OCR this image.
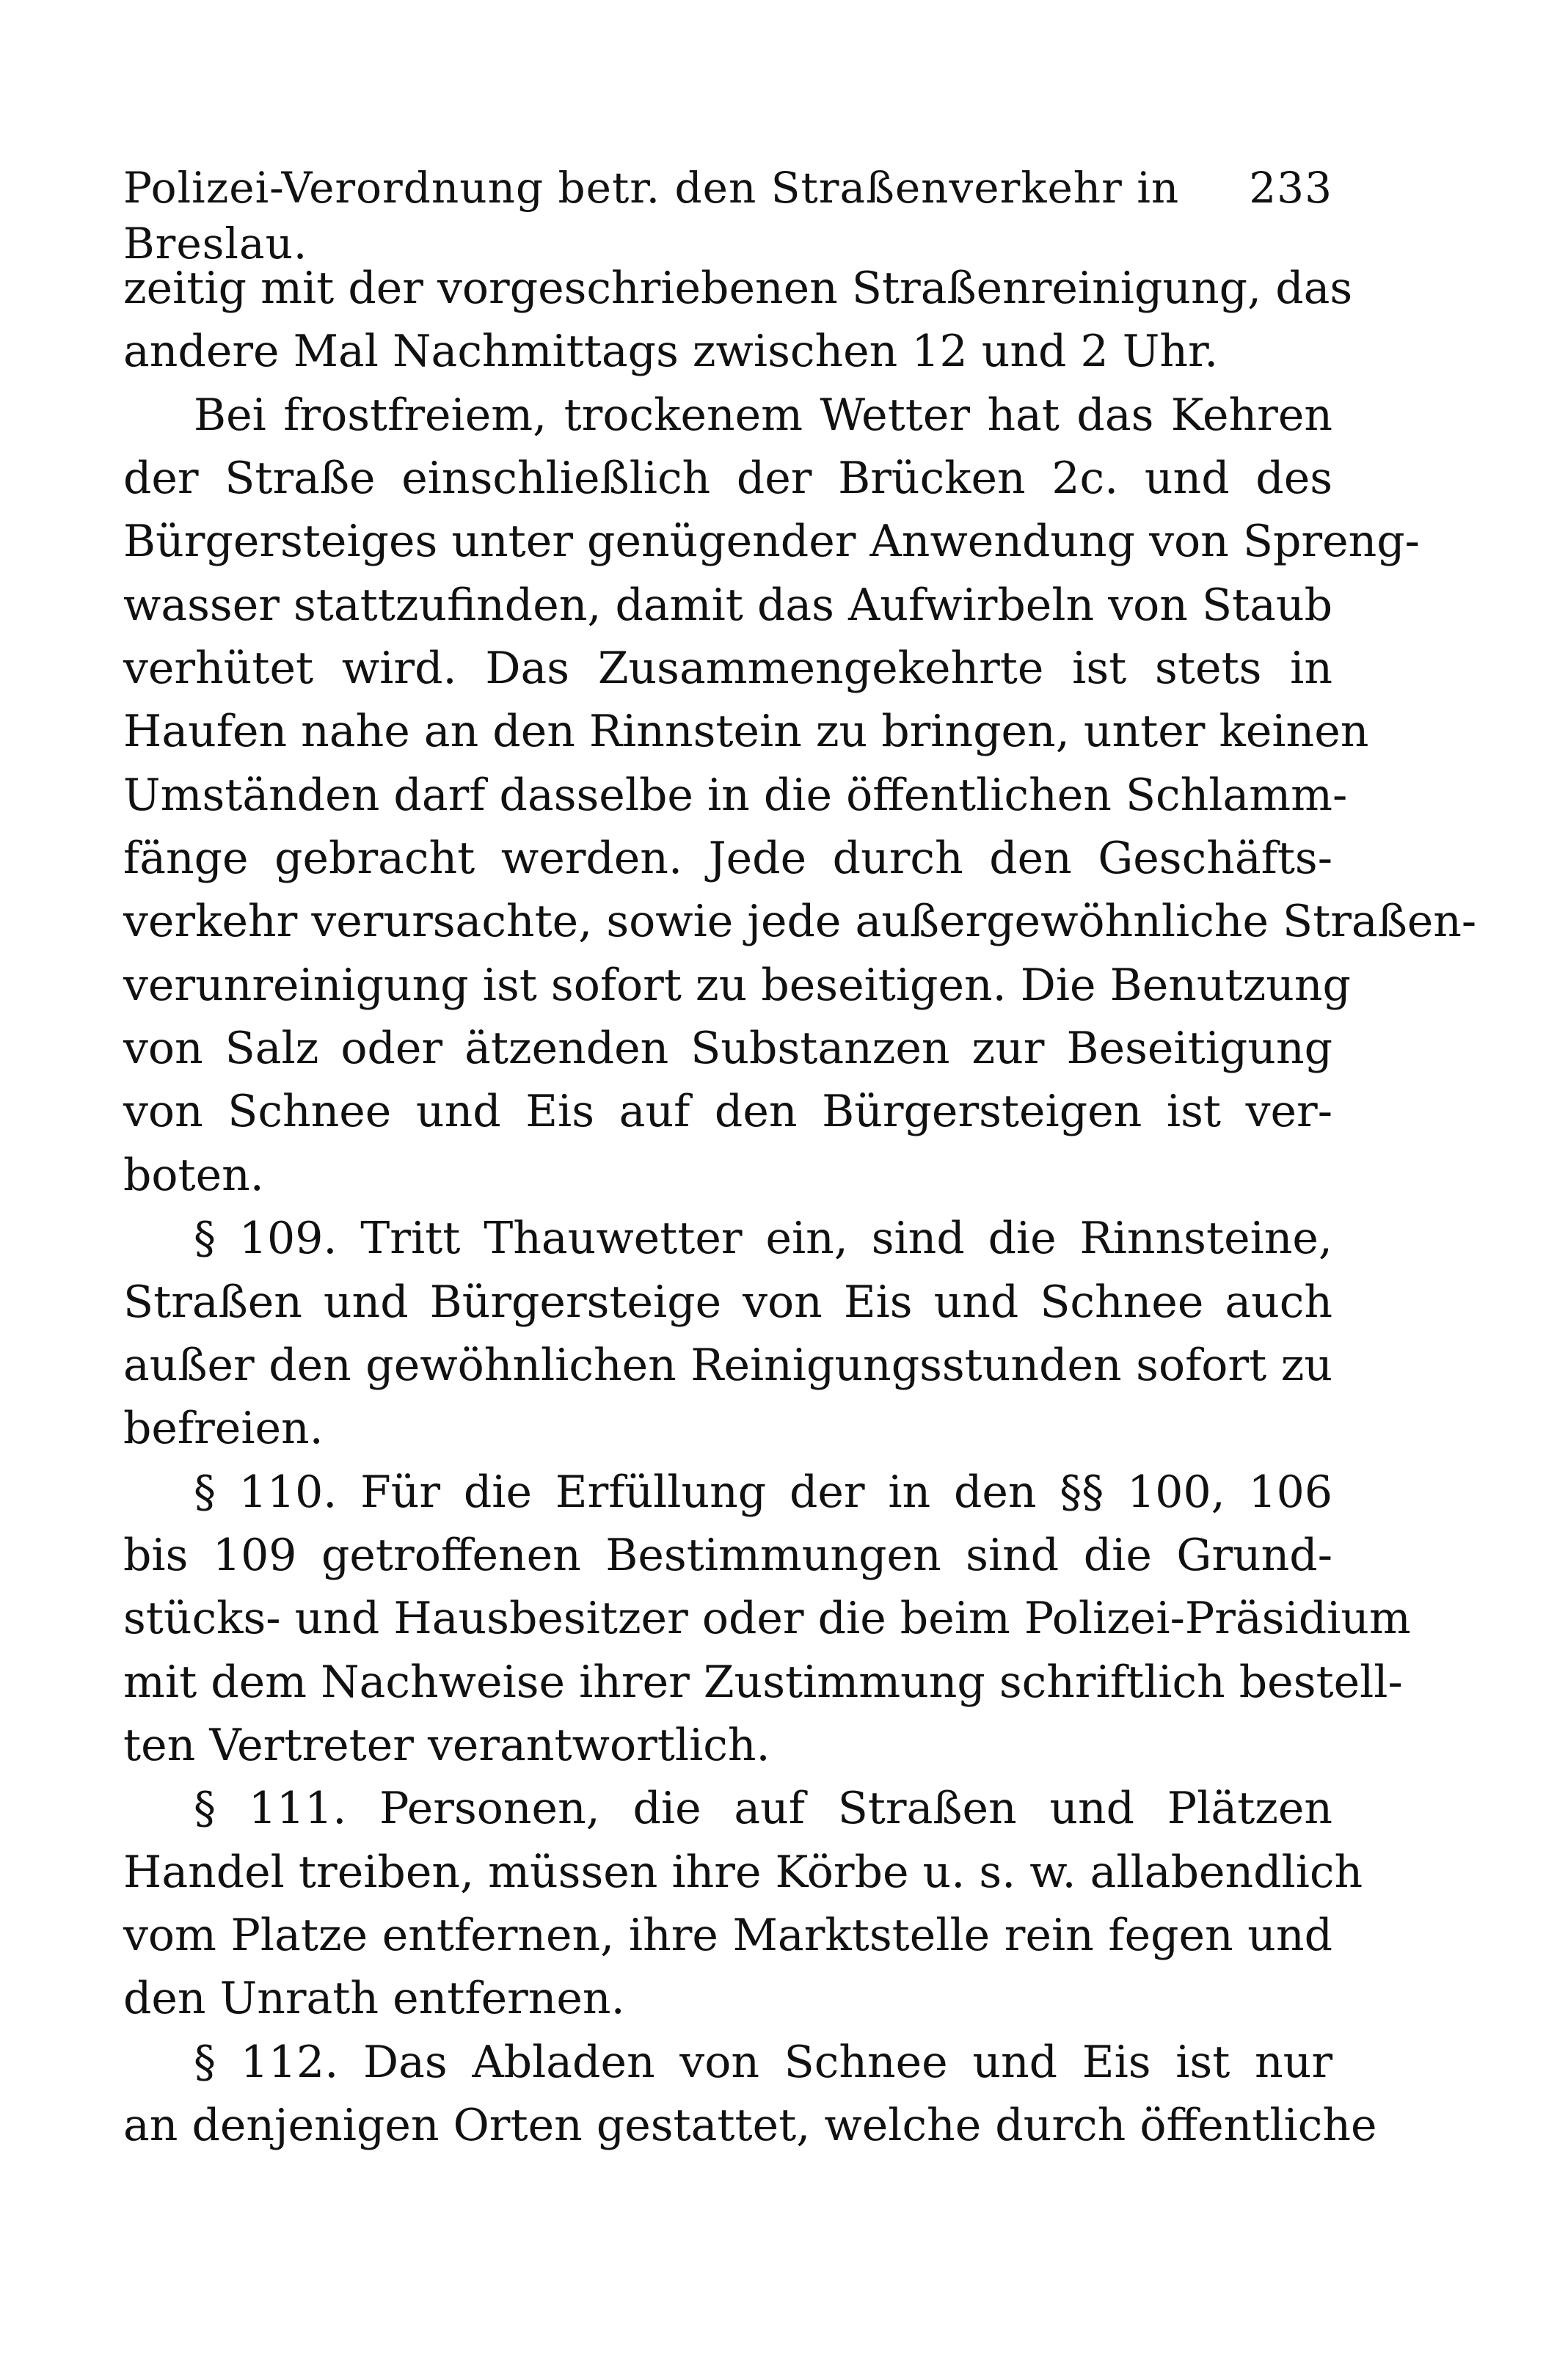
Polizei-Verordnung betr. den Straßenverkehr in Breslau.
233
zeitig mit der vorgeschriebenen Straßenreinigung, das
andere Mal Nachmittags zwischen 12 und 2 Uhr.
Bei frostfreiem, trockenem Wetter hat das Kehren
der Straße einschließlich der Brücken 2c. und des
Bürgersteiges unter genügender Anwendung von Spreng-
wasser stattzufinden, damit das Aufwirbeln von Staub
verhütet wird. Das Zusammengekehrte ist stets in
Haufen nahe an den Rinnstein zu bringen, unter keinen
Umständen darf dasselbe in die öffentlichen Schlamm-
fänge gebracht werden. Jede durch den Geschäfts-
verkehr verursachte, sowie jede außergewöhnliche Straßen-
verunreinigung ist sofort zu beseitigen. Die Benutzung
von Salz oder ätzenden Substanzen zur Beseitigung
von Schnee und Eis auf den Bürgersteigen ist ver-
boten.
§ 109. Tritt Thauwetter ein, sind die Rinnsteine,
Straßen und Bürgersteige von Eis und Schnee auch
außer den gewöhnlichen Reinigungsstunden sofort zu
befreien.
§ 110. Für die Erfüllung der in den §§ 100, 106
bis 109 getroffenen Bestimmungen sind die Grund-
stücks- und Hausbesitzer oder die beim Polizei-Präsidium
mit dem Nachweise ihrer Zustimmung schriftlich bestell-
ten Vertreter verantwortlich.
§ 111. Personen, die auf Straßen und Plätzen
Handel treiben, müssen ihre Körbe u. s. w. allabendlich
vom Platze entfernen, ihre Marktstelle rein fegen und
den Unrath entfernen.
§ 112. Das Abladen von Schnee und Eis ist nur
an denjenigen Orten gestattet, welche durch öffentliche
